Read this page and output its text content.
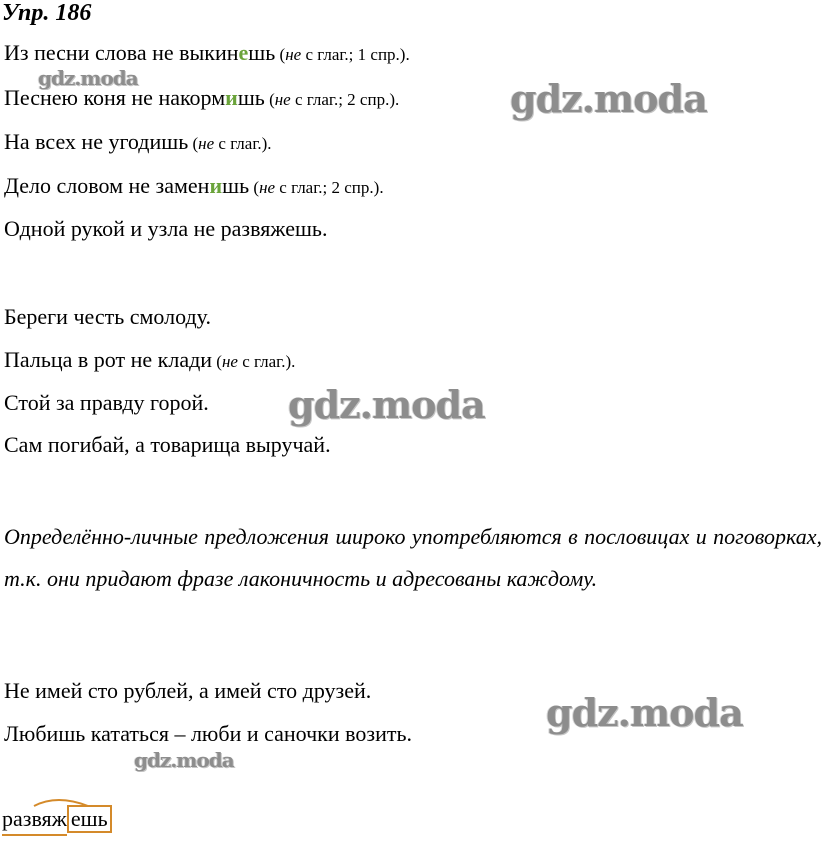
Упр. 186
Из песни слова не выкинешь (не с глаг.; 1 спр.).
Песнею коня не накормишь (не с глаг.; 2 спр.).
На всех не угодишь (не с глаг.).
Дело словом не заменишь (не с глаг.; 2 спр.).
Одной рукой и узла не развяжешь.
Береги честь смолоду.
Пальца в рот не клади (не с глаг.).
Стой за правду горой.
Сам погибай, а товарища выручай.
Определённо-личные предложения широко употребляются в пословицах и поговорках, т.к. они придают фразе лаконичность и адресованы каждому.
Не имей сто рублей, а имей сто друзей.
Любишь кататься – люби и саночки возить.
развяж ешь
gdz.moda	gdz.moda
gdz.moda
gdz.moda
gdz.moda
